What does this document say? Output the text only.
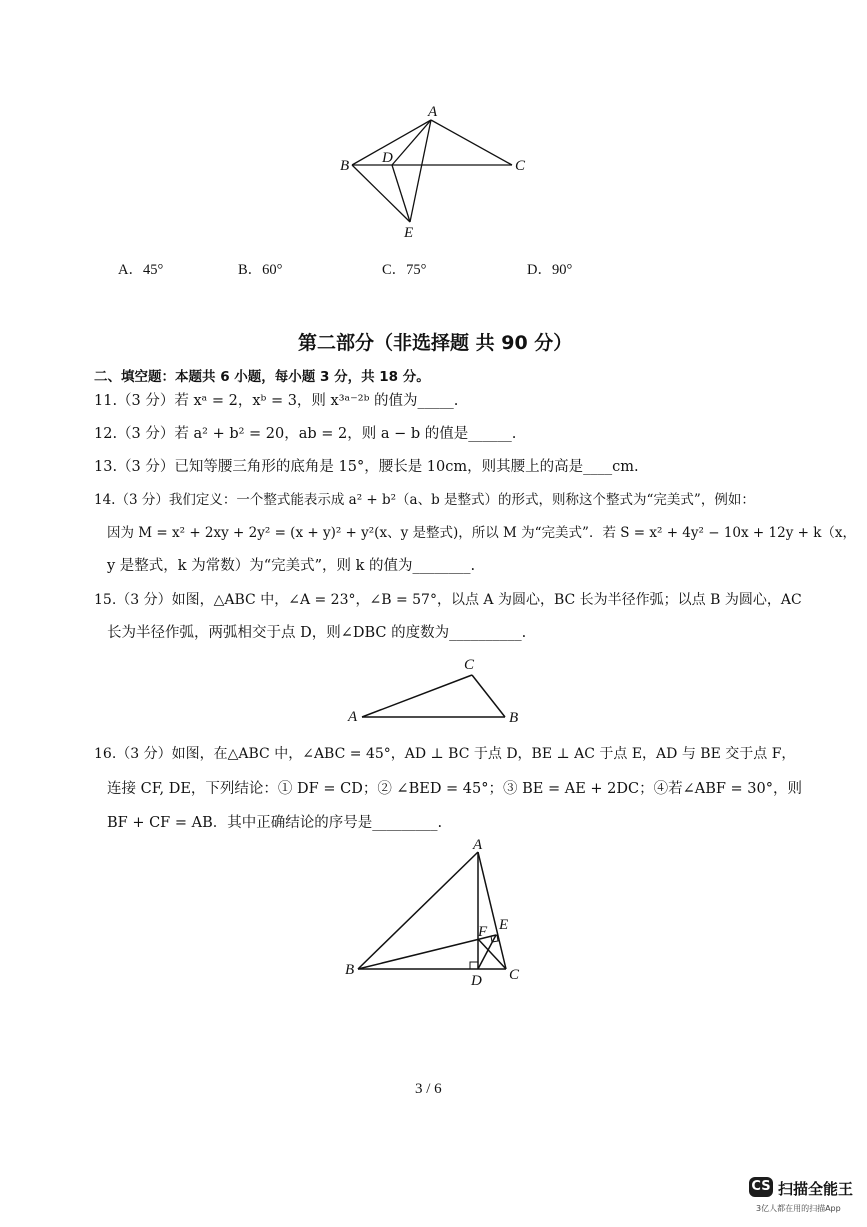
A
B	C
D
E
A．45°	B．60°	C．75°	D．90°
第二部分（非选择题 共 90 分）
二、填空题：本题共 6 小题，每小题 3 分，共 18 分。
11.（3 分）若 xᵃ = 2，xᵇ = 3，则 x³ᵃ⁻²ᵇ 的值为_____.
12.（3 分）若 a² + b² = 20，ab = 2，则 a − b 的值是______.
13.（3 分）已知等腰三角形的底角是 15°，腰长是 10cm，则其腰上的高是____cm.
14.（3 分）我们定义：一个整式能表示成 a² + b²（a、b 是整式）的形式，则称这个整式为“完美式”，例如：
因为 M = x² + 2xy + 2y² = (x + y)² + y²(x、y 是整式)，所以 M 为“完美式”．若 S = x² + 4y² − 10x + 12y + k（x，
y 是整式，k 为常数）为“完美式”，则 k 的值为________.
15.（3 分）如图，△ABC 中，∠A = 23°，∠B = 57°，以点 A 为圆心，BC 长为半径作弧；以点 B 为圆心，AC
长为半径作弧，两弧相交于点 D，则∠DBC 的度数为__________.
A
C
B
16.（3 分）如图，在△ABC 中，∠ABC = 45°，AD ⊥ BC 于点 D，BE ⊥ AC 于点 E，AD 与 BE 交于点 F，
连接 CF, DE，下列结论：① DF = CD；② ∠BED = 45°；③ BE = AE + 2DC；④若∠ABF = 30°，则
BF + CF = AB．其中正确结论的序号是_________.
A
B	C
D
E
F
3 / 6
CS 扫描全能王
3亿人都在用的扫描App
